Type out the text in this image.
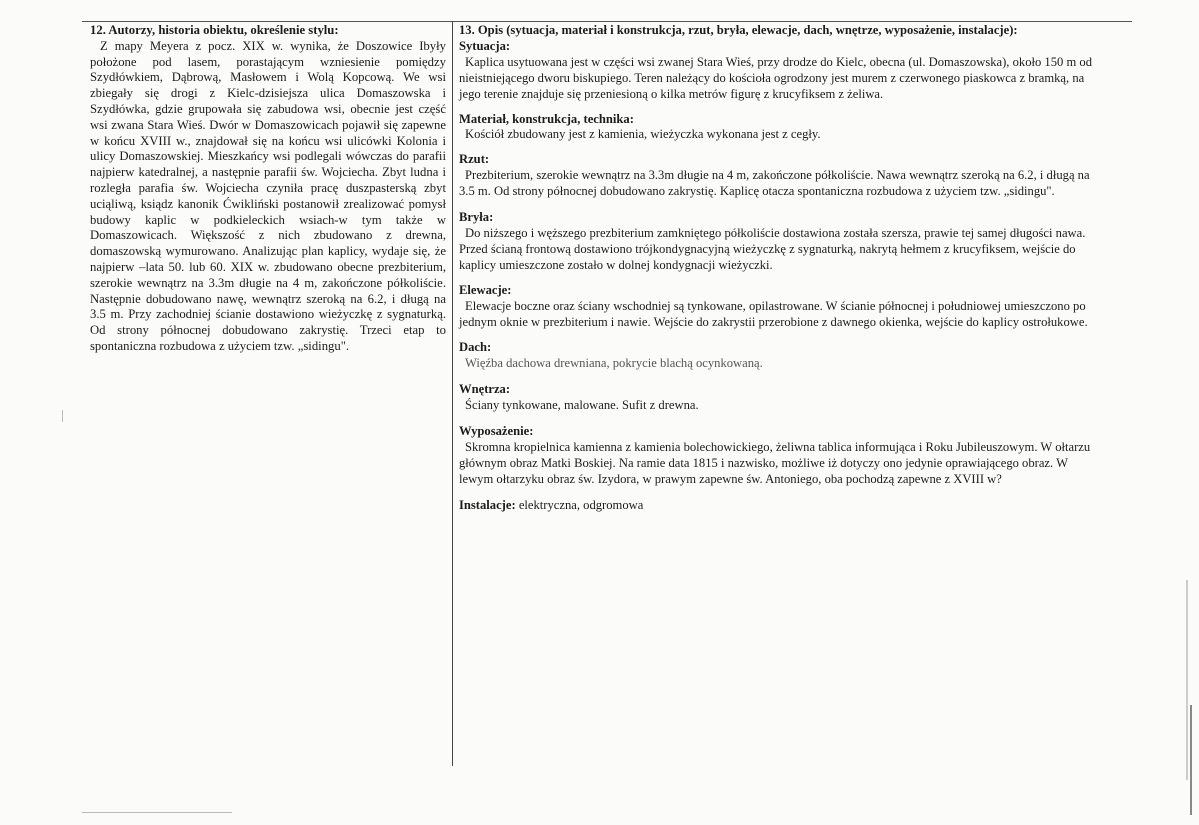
12. Autorzy, historia obiektu, określenie stylu:

Z mapy Meyera z pocz. XIX w. wynika, że Doszowice Ibyły położone pod lasem, porastającym wzniesienie pomiędzy Szydłówkiem, Dąbrową, Masłowem i Wolą Kopcową. We wsi zbiegały się drogi z Kielc-dzisiejsza ulica Domaszowska i Szydłówka, gdzie grupowała się zabudowa wsi, obecnie jest część wsi zwana Stara Wieś. Dwór w Domaszowicach pojawił się zapewne w końcu XVIII w., znajdował się na końcu wsi ulicówki Kolonia i ulicy Domaszowskiej. Mieszkańcy wsi podlegali wówczas do parafii najpierw katedralnej, a następnie parafii św. Wojciecha. Zbyt ludna i rozległa parafia św. Wojciecha czyniła pracę duszpasterską zbyt uciąliwą, ksiądz kanonik Ćwikliński postanowił zrealizować pomysł budowy kaplic w podkieleckich wsiach-w tym także w Domaszowicach. Większość z nich zbudowano z drewna, domaszowską wymurowano. Analizując plan kaplicy, wydaje się, że najpierw –lata 50. lub 60. XIX w. zbudowano obecne prezbiterium, szerokie wewnątrz na 3.3m długie na 4 m, zakończone półkoliście. Następnie dobudowano nawę, wewnątrz szeroką na 6.2, i długą na 3.5 m. Przy zachodniej ścianie dostawiono wieżyczkę z sygnaturką. Od strony północnej dobudowano zakrystię. Trzeci etap to spontaniczna rozbudowa z użyciem tzw. „sidingu".

13. Opis (sytuacja, materiał i konstrukcja, rzut, bryła, elewacje, dach, wnętrze, wyposażenie, instalacje):

Sytuacja:

Kaplica usytuowana jest w części wsi zwanej Stara Wieś, przy drodze do Kielc, obecna (ul. Domaszowska), około 150 m od nieistniejącego dworu biskupiego. Teren należący do kościoła ogrodzony jest murem z czerwonego piaskowca z bramką, na jego terenie znajduje się przeniesioną o kilka metrów figurę z krucyfiksem z żeliwa.

Materiał, konstrukcja, technika:

Kościół zbudowany jest z kamienia, wieżyczka wykonana jest z cegły.

Rzut:

Prezbiterium, szerokie wewnątrz na 3.3m długie na 4 m, zakończone półkoliście. Nawa wewnątrz szeroką na 6.2, i długą na 3.5 m. Od strony północnej dobudowano zakrystię. Kaplicę otacza spontaniczna rozbudowa z użyciem tzw. „sidingu".

Bryła:

Do niższego i węższego prezbiterium zamkniętego półkoliście dostawiona została szersza, prawie tej samej długości nawa. Przed ścianą frontową dostawiono trójkondygnacyjną wieżyczkę z sygnaturką, nakrytą hełmem z krucyfiksem, wejście do kaplicy umieszczone zostało w dolnej kondygnacji wieżyczki.

Elewacje:

Elewacje boczne oraz ściany wschodniej są tynkowane, opilastrowane. W ścianie północnej i południowej umieszczono po jednym oknie w prezbiterium i nawie. Wejście do zakrystii przerobione z dawnego okienka, wejście do kaplicy ostrołukowe.

Dach:

Więźba dachowa drewniana, pokrycie blachą ocynkowaną.

Wnętrza:

Ściany tynkowane, malowane. Sufit z drewna.

Wyposażenie:

Skromna kropielnica kamienna z kamienia bolechowickiego, żeliwna tablica informująca i Roku Jubileuszowym. W ołtarzu głównym obraz Matki Boskiej. Na ramie data 1815 i nazwisko, możliwe iż dotyczy ono jedynie oprawiającego obraz. W lewym ołtarzyku obraz św. Izydora, w prawym zapewne św. Antoniego, oba pochodzą zapewne z XVIII w?

Instalacje: elektryczna, odgromowa
